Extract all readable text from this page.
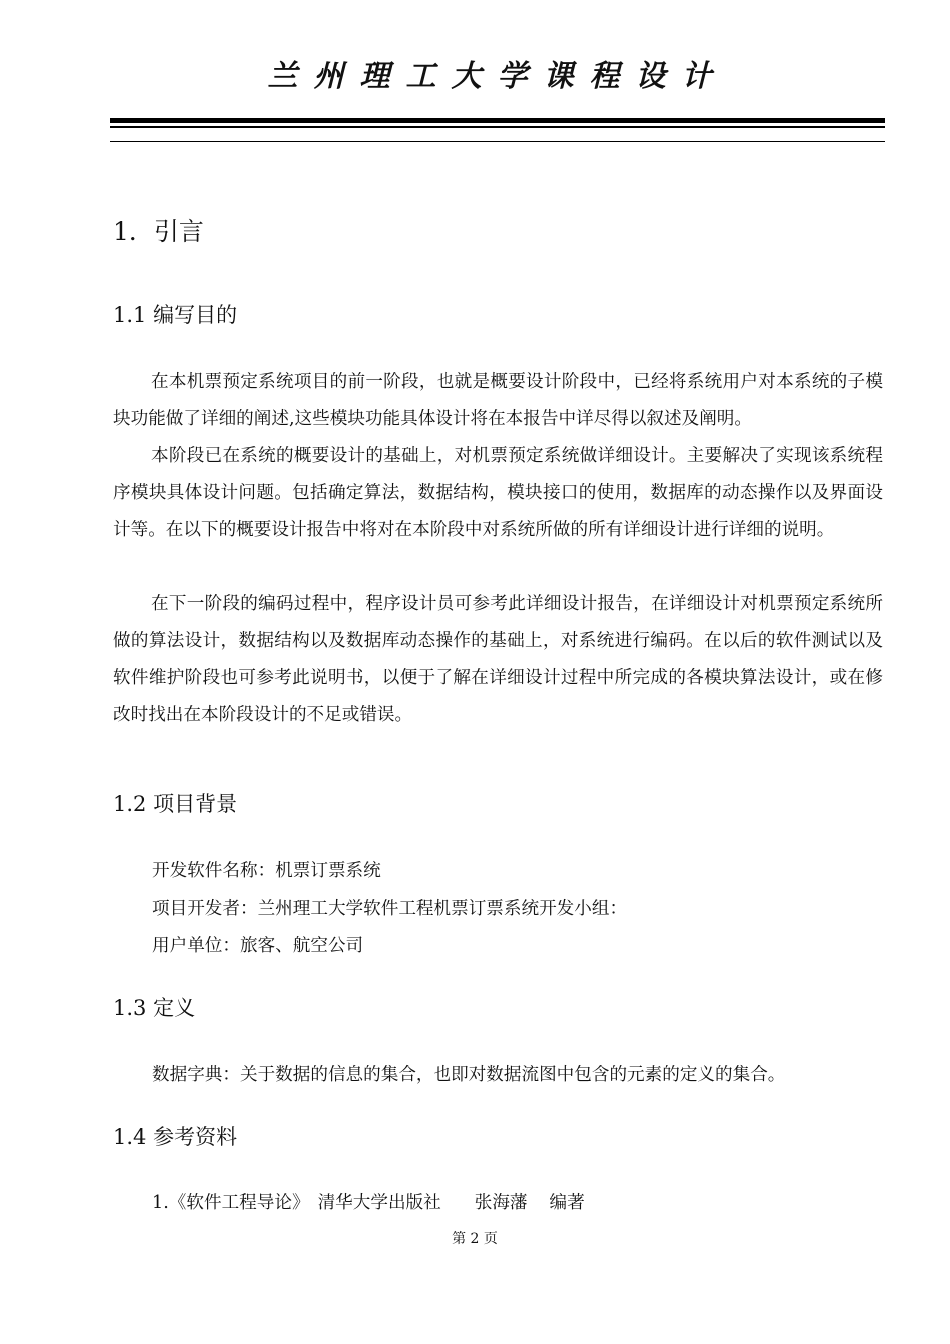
兰州理工大学课程设计
1．引言
1.1 编写目的

在本机票预定系统项目的前一阶段，也就是概要设计阶段中，已经将系统用户对本系统的子模块功能做了详细的阐述,这些模块功能具体设计将在本报告中详尽得以叙述及阐明。

本阶段已在系统的概要设计的基础上，对机票预定系统做详细设计。主要解决了实现该系统程序模块具体设计问题。包括确定算法，数据结构，模块接口的使用，数据库的动态操作以及界面设计等。在以下的概要设计报告中将对在本阶段中对系统所做的所有详细设计进行详细的说明。

在下一阶段的编码过程中，程序设计员可参考此详细设计报告，在详细设计对机票预定系统所做的算法设计，数据结构以及数据库动态操作的基础上，对系统进行编码。在以后的软件测试以及软件维护阶段也可参考此说明书，以便于了解在详细设计过程中所完成的各模块算法设计，或在修改时找出在本阶段设计的不足或错误。

1.2 项目背景
开发软件名称：机票订票系统
项目开发者：兰州理工大学软件工程机票订票系统开发小组：
用户单位：旅客、航空公司
1.3 定义
数据字典：关于数据的信息的集合，也即对数据流图中包含的元素的定义的集合。
1.4 参考资料
1.《软件工程导论》 清华大学出版社 张海藩 编著
第 2 页
